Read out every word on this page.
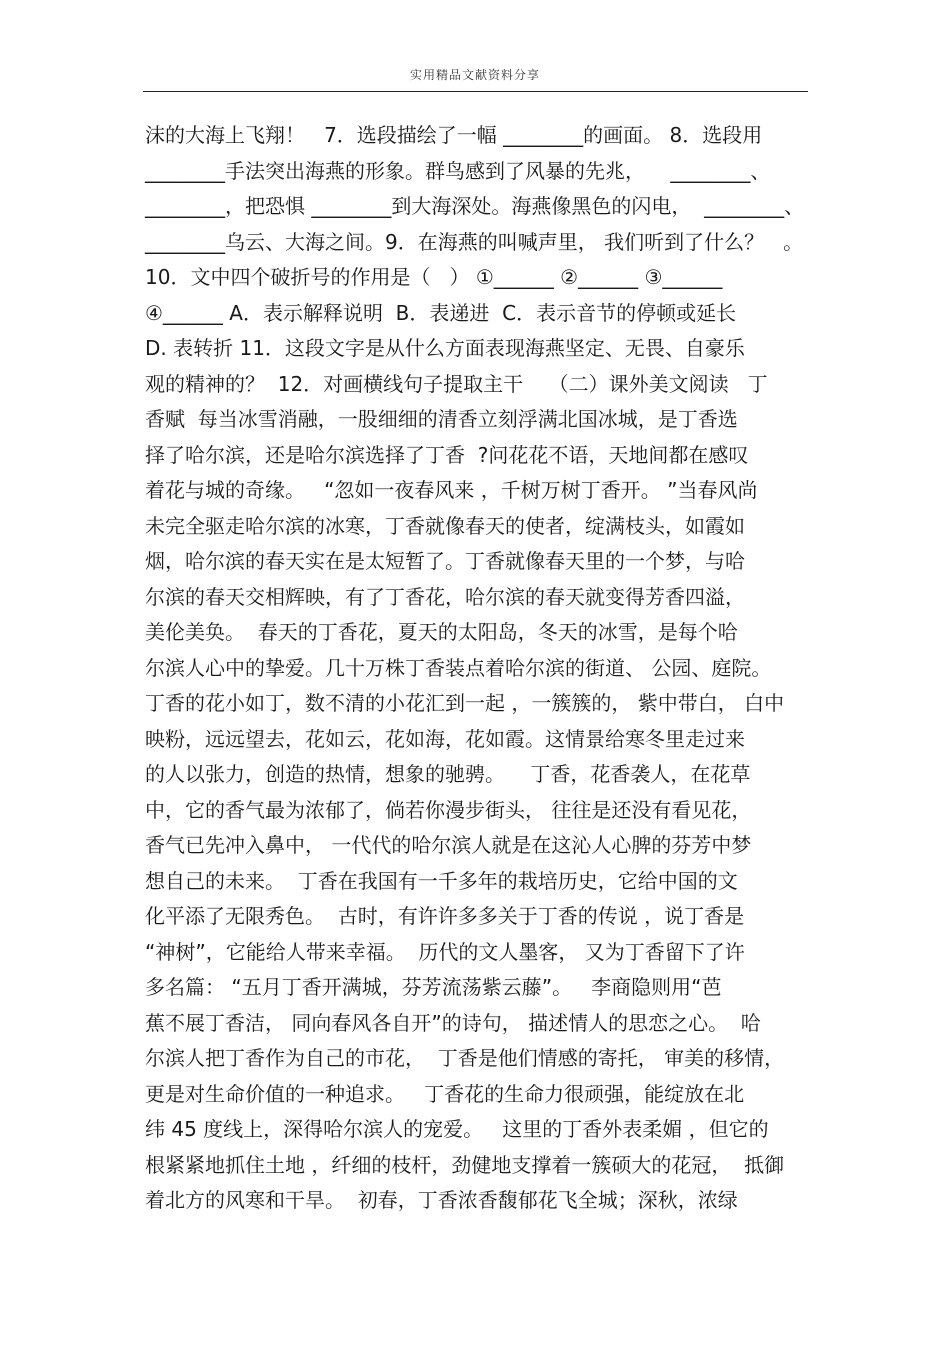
实用精品文献资料分享
沫的大海上飞翔！   7．选段描绘了一幅 ________的画面。 8．选段用
________手法突出海燕的形象。群鸟感到了风暴的先兆，    ________、
________，把恐惧 ________到大海深处。海燕像黑色的闪电，  ________、
________乌云、大海之间。9．在海燕的叫喊声里， 我们听到了什么？   。
10．文中四个破折号的作用是（   ） ①______ ②______ ③______
④______ A．表示解释说明  B．表递进  C．表示音节的停顿或延长
D. 表转折 11．这段文字是从什么方面表现海燕坚定、无畏、自豪乐
观的精神的？  12．对画横线句子提取主干    （二）课外美文阅读   丁
香赋  每当冰雪消融，一股细细的清香立刻浮满北国冰城，是丁香选
择了哈尔滨，还是哈尔滨选择了丁香  ?问花花不语，天地间都在感叹
着花与城的奇缘。   “忽如一夜春风来 ，千树万树丁香开。 ”当春风尚
未完全驱走哈尔滨的冰寒，丁香就像春天的使者，绽满枝头，如霞如
烟，哈尔滨的春天实在是太短暂了。丁香就像春天里的一个梦，与哈
尔滨的春天交相辉映，有了丁香花，哈尔滨的春天就变得芳香四溢，
美伦美奂。  春天的丁香花，夏天的太阳岛，冬天的冰雪，是每个哈
尔滨人心中的挚爱。几十万株丁香装点着哈尔滨的街道、 公园、庭院。
丁香的花小如丁，数不清的小花汇到一起 ，一簇簇的， 紫中带白， 白中
映粉，远远望去，花如云，花如海，花如霞。这情景给寒冬里走过来
的人以张力，创造的热情，想象的驰骋。    丁香，花香袭人，在花草
中，它的香气最为浓郁了，倘若你漫步街头， 往往是还没有看见花，
香气已先冲入鼻中， 一代代的哈尔滨人就是在这沁人心脾的芬芳中梦
想自己的未来。  丁香在我国有一千多年的栽培历史，它给中国的文
化平添了无限秀色。  古时，有许许多多关于丁香的传说 ，说丁香是
“神树”，它能给人带来幸福。  历代的文人墨客， 又为丁香留下了许
多名篇： “五月丁香开满城，芬芳流荡紫云藤”。   李商隐则用“芭
蕉不展丁香洁， 同向春风各自开”的诗句， 描述情人的思恋之心。  哈
尔滨人把丁香作为自己的市花，  丁香是他们情感的寄托， 审美的移情，
更是对生命价值的一种追求。   丁香花的生命力很顽强，能绽放在北
纬 45 度线上，深得哈尔滨人的宠爱。   这里的丁香外表柔媚 ，但它的
根紧紧地抓住土地 ，纤细的枝杆，劲健地支撑着一簇硕大的花冠，  抵御
着北方的风寒和干旱。  初春，丁香浓香馥郁花飞全城；深秋，浓绿
